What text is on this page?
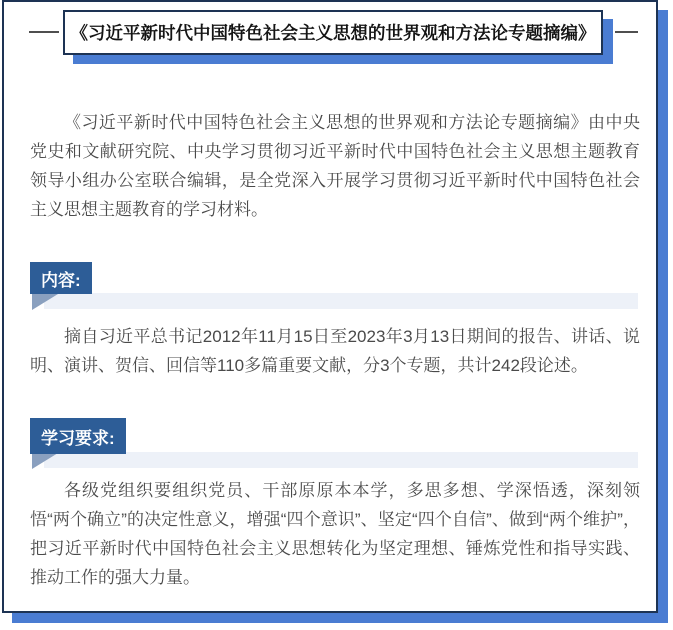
《习近平新时代中国特色社会主义思想的世界观和方法论专题摘编》

《习近平新时代中国特色社会主义思想的世界观和方法论专题摘编》由中央党史和文献研究院、中央学习贯彻习近平新时代中国特色社会主义思想主题教育领导小组办公室联合编辑，是全党深入开展学习贯彻习近平新时代中国特色社会主义思想主题教育的学习材料。

内容:

摘自习近平总书记2012年11月15日至2023年3月13日期间的报告、讲话、说明、演讲、贺信、回信等110多篇重要文献，分3个专题，共计242段论述。

学习要求:

各级党组织要组织党员、干部原原本本学，多思多想、学深悟透，深刻领悟“两个确立”的决定性意义，增强“四个意识”、坚定“四个自信”、做到“两个维护”，把习近平新时代中国特色社会主义思想转化为坚定理想、锤炼党性和指导实践、推动工作的强大力量。
